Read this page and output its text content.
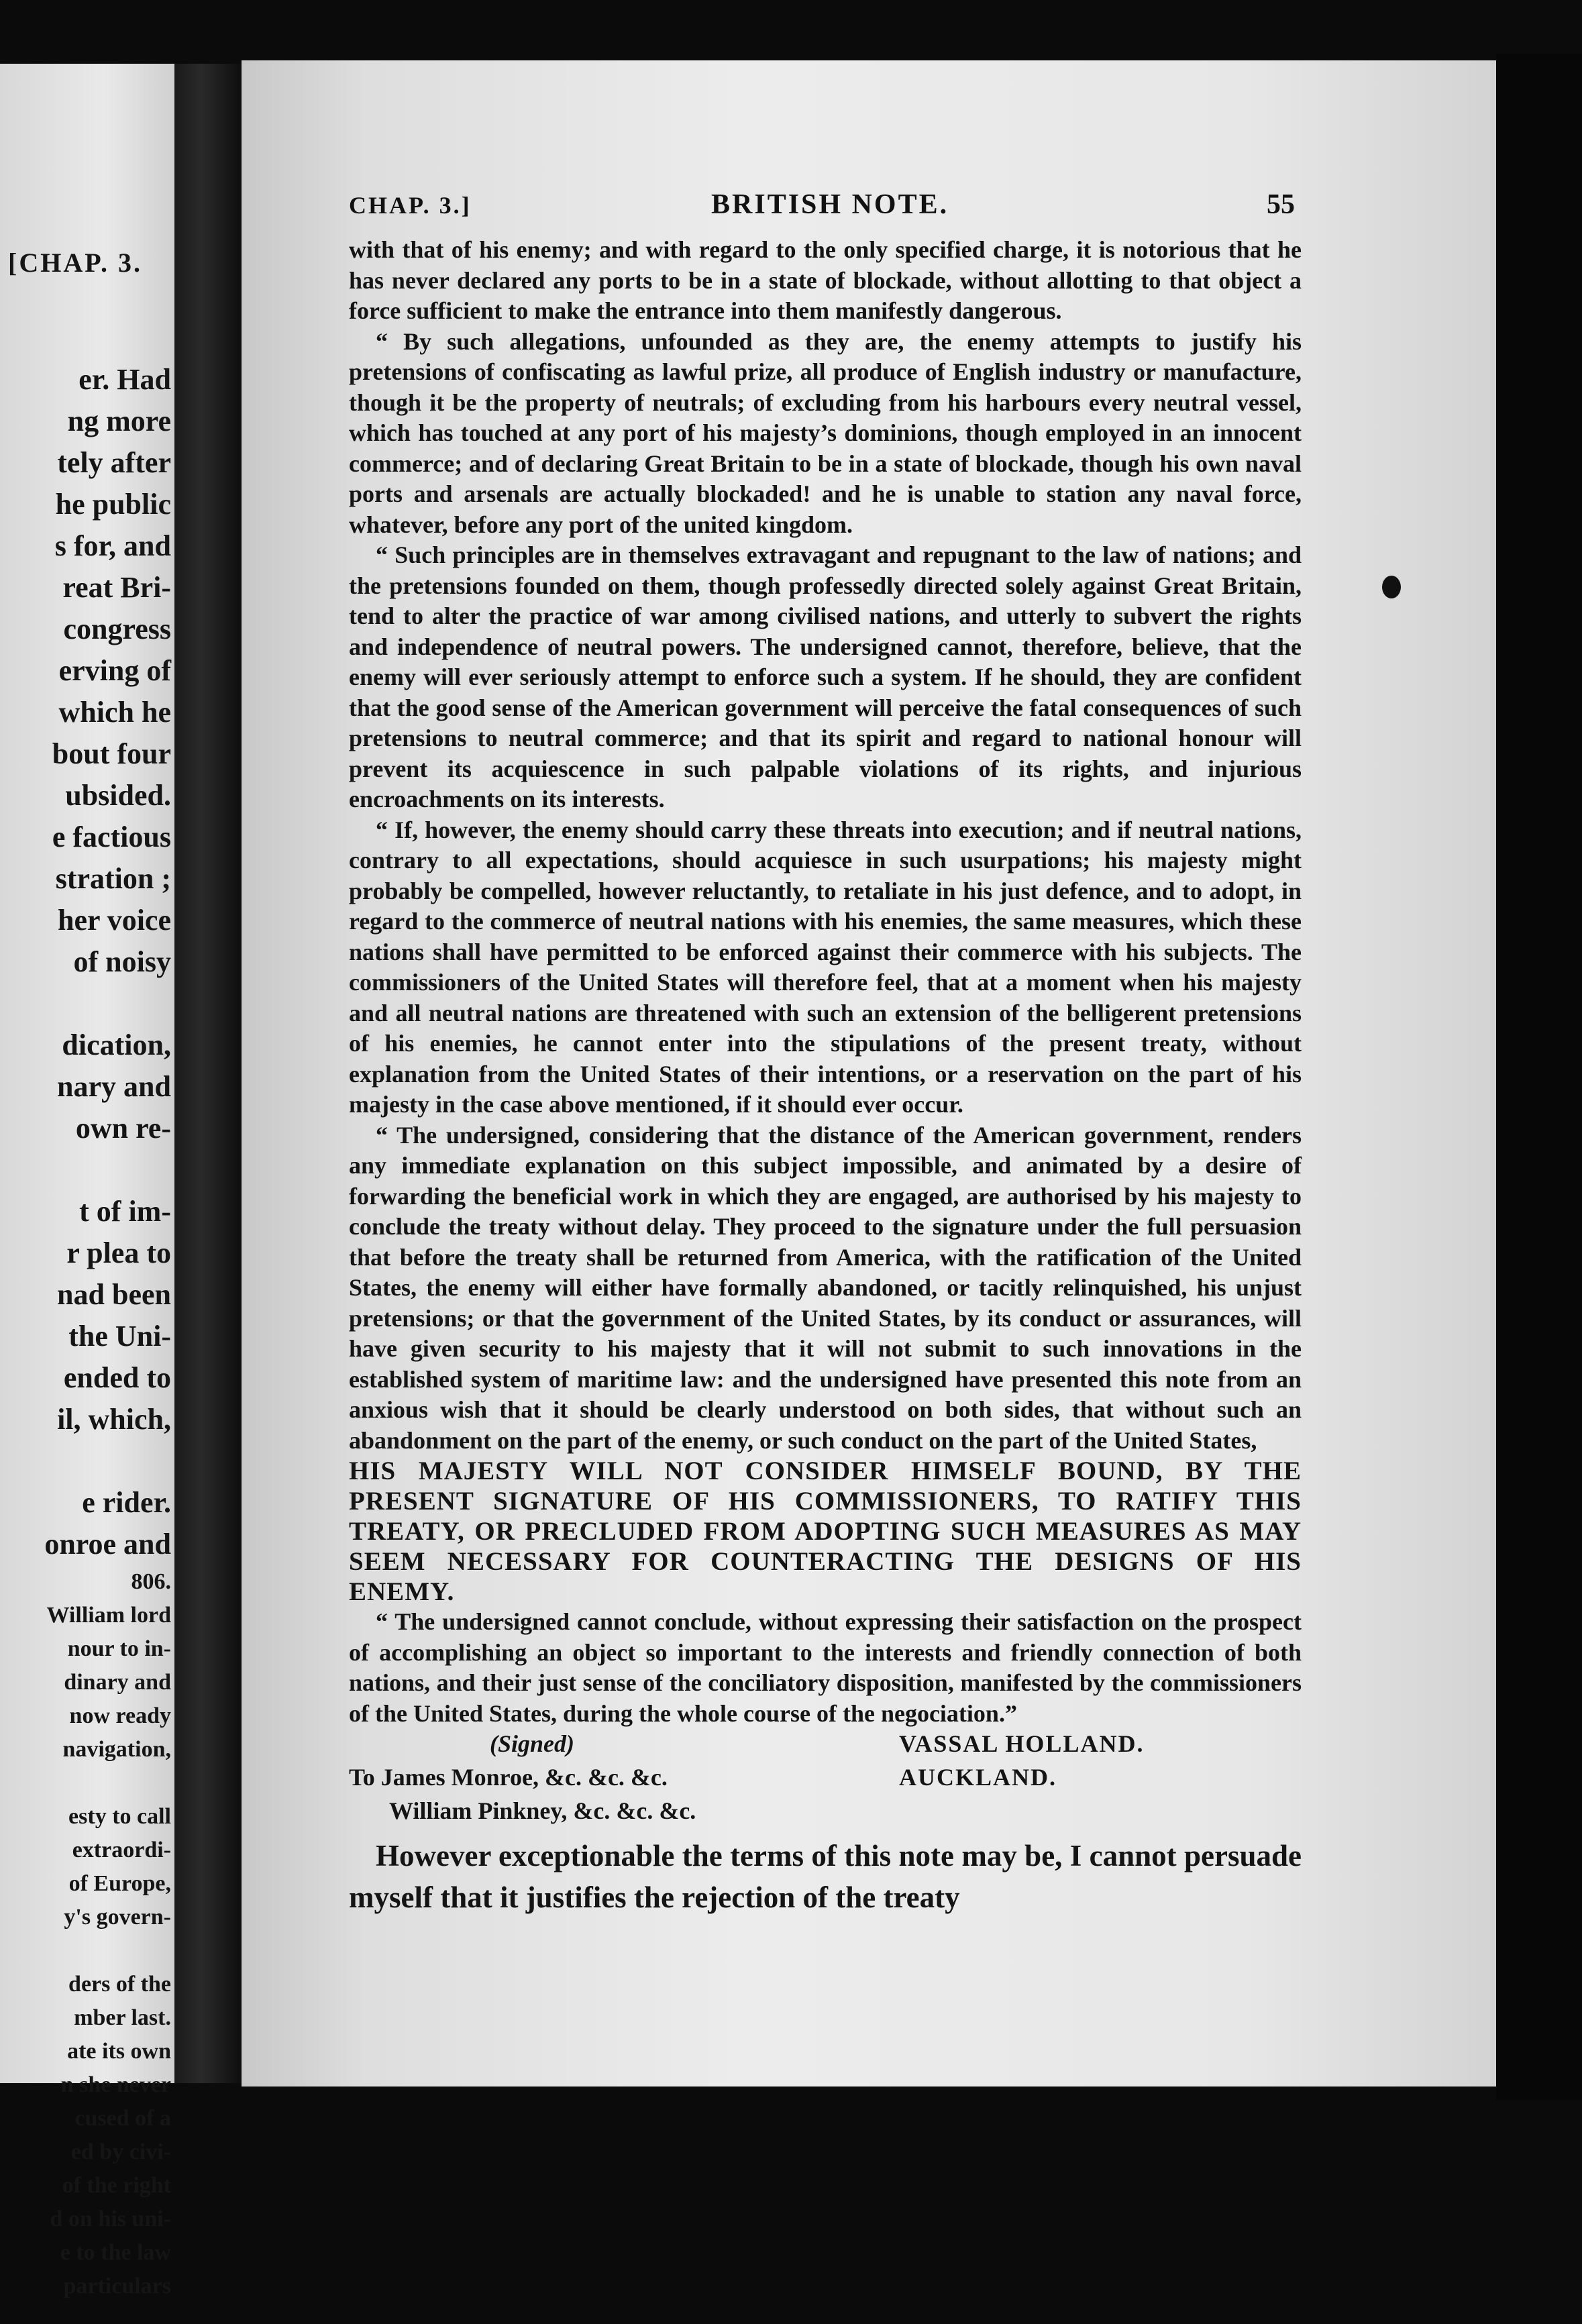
[CHAP. 3.
er. Had
ng more
tely after
he public
s for, and
reat Bri-
congress
erving of
which he
bout four
ubsided.
e factious
stration ;
her voice
of noisy
dication,
nary and
own re-
t of im-
r plea to
nad been
the Uni-
ended to
il, which,
e rider.
onroe and
806.
William lord
nour to in-
dinary and
now ready
navigation,
esty to call
extraordi-
of Europe,
y's govern-
ders of the
mber last.
ate its own
n she never
cused of a
ed by civi-
of the right
d on his uni-
e to the law
particulars
CHAP. 3.]	BRITISH NOTE.	55

with that of his enemy; and with regard to the only specified charge, it is notorious that he has never declared any ports to be in a state of blockade, without allotting to that object a force sufficient to make the entrance into them manifestly dangerous.

“ By such allegations, unfounded as they are, the enemy attempts to justify his pretensions of confiscating as lawful prize, all produce of English industry or manufacture, though it be the property of neutrals; of excluding from his harbours every neutral vessel, which has touched at any port of his majesty’s dominions, though employed in an innocent commerce; and of declaring Great Britain to be in a state of blockade, though his own naval ports and arsenals are actually blockaded! and he is unable to station any naval force, whatever, before any port of the united kingdom.

“ Such principles are in themselves extravagant and repugnant to the law of nations; and the pretensions founded on them, though professedly directed solely against Great Britain, tend to alter the practice of war among civilised nations, and utterly to subvert the rights and independence of neutral powers. The undersigned cannot, therefore, believe, that the enemy will ever seriously attempt to enforce such a system. If he should, they are confident that the good sense of the American government will perceive the fatal consequences of such pretensions to neutral commerce; and that its spirit and regard to national honour will prevent its acquiescence in such palpable violations of its rights, and injurious encroachments on its interests.

“ If, however, the enemy should carry these threats into execution; and if neutral nations, contrary to all expectations, should acquiesce in such usurpations; his majesty might probably be compelled, however reluctantly, to retaliate in his just defence, and to adopt, in regard to the commerce of neutral nations with his enemies, the same measures, which these nations shall have permitted to be enforced against their commerce with his subjects. The commissioners of the United States will therefore feel, that at a moment when his majesty and all neutral nations are threatened with such an extension of the belligerent pretensions of his enemies, he cannot enter into the stipulations of the present treaty, without explanation from the United States of their intentions, or a reservation on the part of his majesty in the case above mentioned, if it should ever occur.

“ The undersigned, considering that the distance of the American government, renders any immediate explanation on this subject impossible, and animated by a desire of forwarding the beneficial work in which they are engaged, are authorised by his majesty to conclude the treaty without delay. They proceed to the signature under the full persuasion that before the treaty shall be returned from America, with the ratification of the United States, the enemy will either have formally abandoned, or tacitly relinquished, his unjust pretensions; or that the government of the United States, by its conduct or assurances, will have given security to his majesty that it will not submit to such innovations in the established system of maritime law: and the undersigned have presented this note from an anxious wish that it should be clearly understood on both sides, that without such an abandonment on the part of the enemy, or such conduct on the part of the United States,

HIS MAJESTY WILL NOT CONSIDER HIMSELF BOUND, BY THE PRESENT SIGNATURE OF HIS COMMISSIONERS, TO RATIFY THIS TREATY, OR PRECLUDED FROM ADOPTING SUCH MEASURES AS MAY SEEM NECESSARY FOR COUNTERACTING THE DESIGNS OF HIS ENEMY.

“ The undersigned cannot conclude, without expressing their satisfaction on the prospect of accomplishing an object so important to the interests and friendly connection of both nations, and their just sense of the conciliatory disposition, manifested by the commissioners of the United States, during the whole course of the negociation.”

(Signed)	VASSAL HOLLAND.
To James Monroe, &c. &c. &c.	AUCKLAND.
William Pinkney, &c. &c. &c.

However exceptionable the terms of this note may be, I cannot persuade myself that it justifies the rejection of the treaty
